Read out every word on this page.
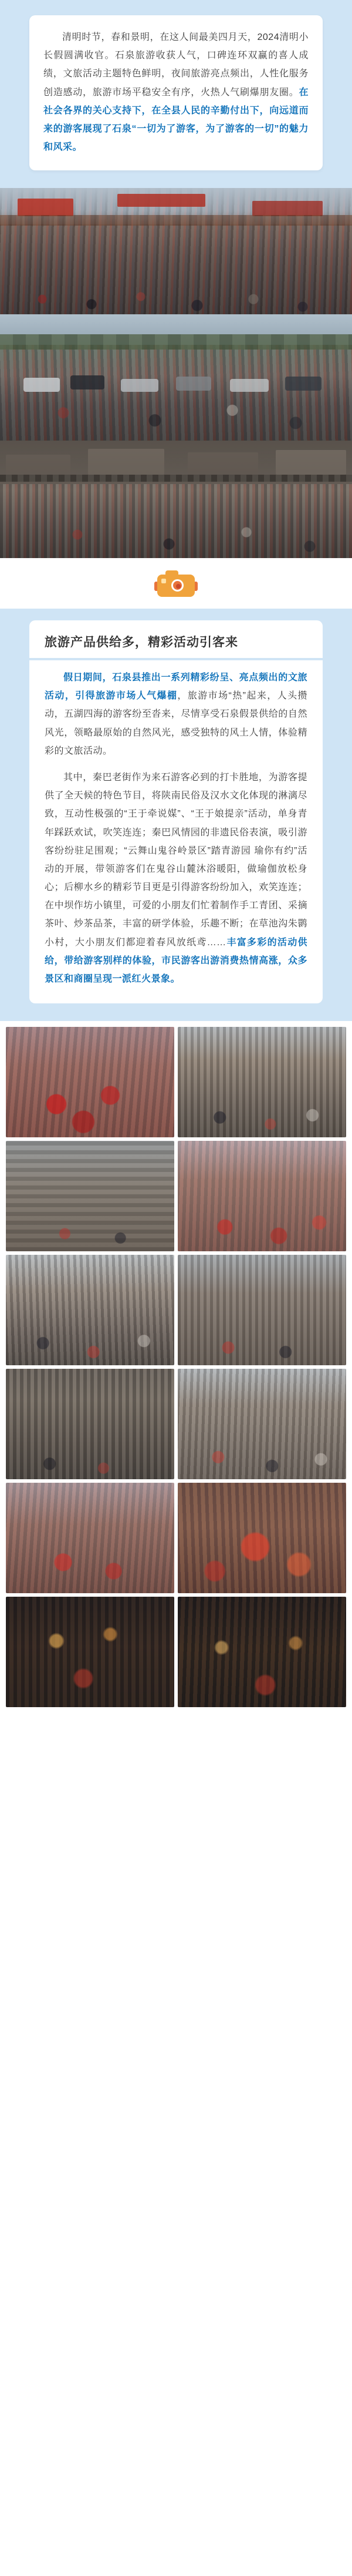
清明时节，春和景明，在这人间最美四月天，2024清明小长假圆满收官。石泉旅游收获人气，口碑连环双赢的喜人成绩，文旅活动主题特色鲜明，夜间旅游亮点频出，人性化服务创造感动，旅游市场平稳安全有序，火热人气刷爆朋友圈。在社会各界的关心支持下，在全县人民的辛勤付出下，向远道而来的游客展现了石泉“一切为了游客，为了游客的一切”的魅力和风采。

旅游产品供给多，精彩活动引客来

假日期间，石泉县推出一系列精彩纷呈、亮点频出的文旅活动，引得旅游市场人气爆棚，旅游市场“热”起来，人头攒动，五湖四海的游客纷至沓来，尽情享受石泉假景供给的自然风光，领略最原始的自然风光，感受独特的风土人情，体验精彩的文旅活动。

其中，秦巴老街作为来石游客必到的打卡胜地，为游客提供了全天候的特色节目，将陕南民俗及汉水文化体现的淋漓尽致，互动性极强的“王于牵说媒”、“王于娘提亲”活动，单身青年踩跃欢试，吹笑连连；秦巴风情园的非遗民俗表演，吸引游客纷纷驻足围观；“云舞山鬼谷岭景区”踏青游园 瑜你有约”活动的开展，带领游客们在鬼谷山麓沐浴暖阳，做瑜伽放松身心；后柳水乡的精彩节目更是引得游客纷纷加入，欢笑连连；在中坝作坊小镇里，可爱的小朋友们忙着制作手工青团、采摘茶叶、炒茶品茶，丰富的研学体验，乐趣不断；在草池沟朱鹮小村，大小朋友们都迎着春风放纸鸢……丰富多彩的活动供给，带给游客别样的体验，市民游客出游消费热情高涨，众多景区和商圈呈现一派红火景象。
